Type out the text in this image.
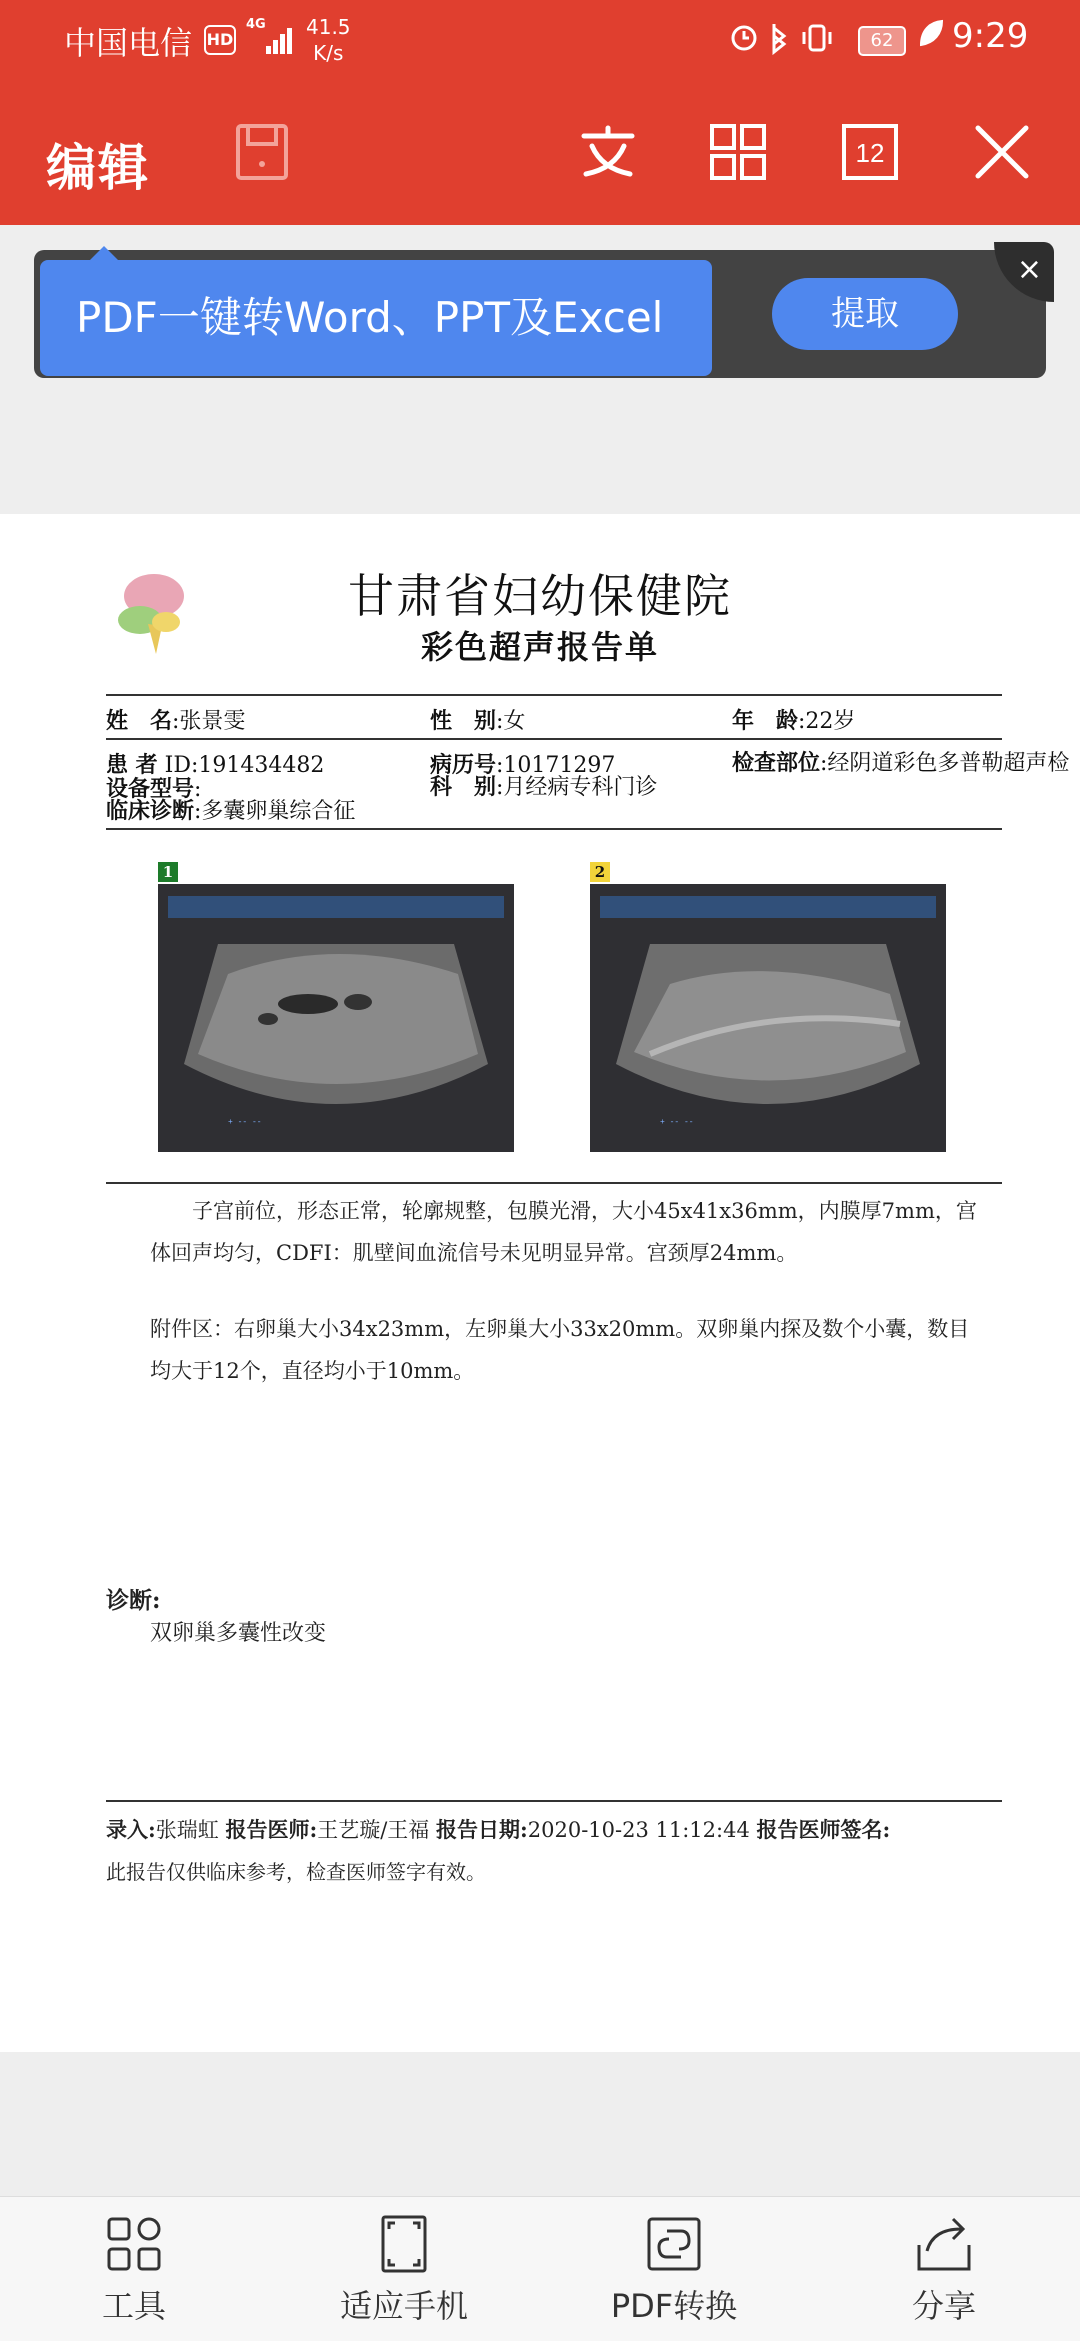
中国电信 HD
4G 41.5
K/s
62	9:29
编辑	12
PDF一键转Word、PPT及Excel	提取
×
甘肃省妇幼保健院
彩色超声报告单
姓　名:张景雯	性　别:女	年　龄:22岁
患 者 ID:191434482	病历号:10171297	检查部位:经阴道彩色多普勒超声检
设备型号:	科　别:月经病专科门诊
临床诊断:多囊卵巢综合征
1
+ -- --
2
+ -- --
　　子宫前位，形态正常，轮廓规整，包膜光滑，大小45x41x36mm，内膜厚7mm，宫体回声均匀，CDFI：肌壁间血流信号未见明显异常。宫颈厚24mm。
附件区：右卵巢大小34x23mm，左卵巢大小33x20mm。双卵巢内探及数个小囊，数目均大于12个，直径均小于10mm。
诊断:
双卵巢多囊性改变
录入:张瑞虹 报告医师:王艺璇/王福 报告日期:2020-10-23 11:12:44 报告医师签名:
此报告仅供临床参考，检查医师签字有效。
工具	适应手机	PDF转换	分享
